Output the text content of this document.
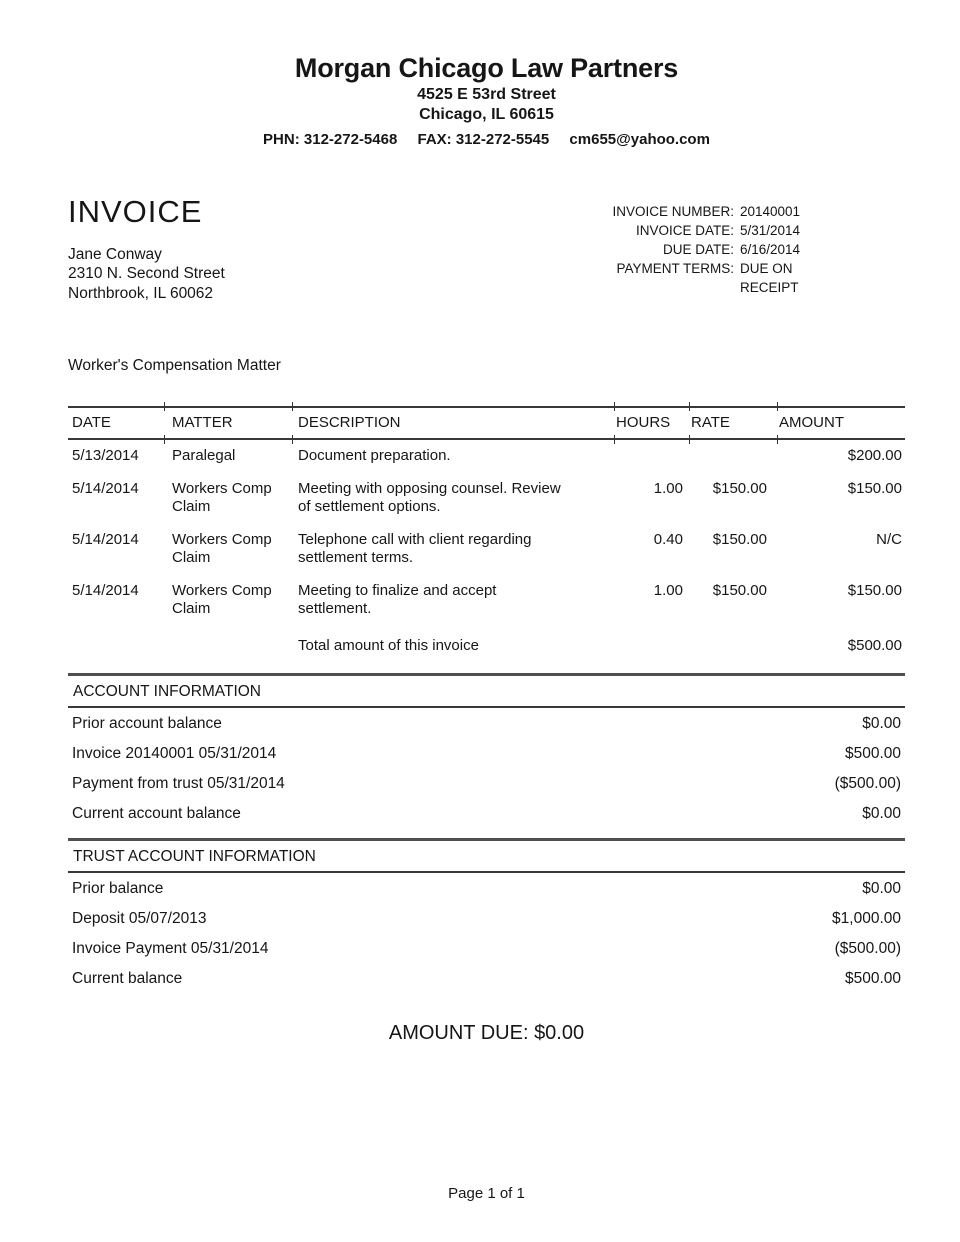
Morgan Chicago Law Partners
4525 E 53rd Street
Chicago, IL 60615
PHN: 312-272-5468 FAX: 312-272-5545 cm655@yahoo.com
INVOICE
Jane Conway
2310 N. Second Street
Northbrook, IL 60062
INVOICE NUMBER: 20140001
INVOICE DATE: 5/31/2014
DUE DATE: 6/16/2014
PAYMENT TERMS: DUE ON RECEIPT
Worker's Compensation Matter
DATE	MATTER	DESCRIPTION	HOURS	RATE	AMOUNT
5/13/2014	Paralegal	Document preparation.			$200.00
5/14/2014	Workers Comp Claim	Meeting with opposing counsel. Review of settlement options.	1.00	$150.00	$150.00
5/14/2014	Workers Comp Claim	Telephone call with client regarding settlement terms.	0.40	$150.00	N/C
5/14/2014	Workers Comp Claim	Meeting to finalize and accept settlement.	1.00	$150.00	$150.00
		Total amount of this invoice			$500.00
ACCOUNT INFORMATION
Prior account balance	$0.00
Invoice 20140001 05/31/2014	$500.00
Payment from trust 05/31/2014	($500.00)
Current account balance	$0.00
TRUST ACCOUNT INFORMATION
Prior balance	$0.00
Deposit 05/07/2013	$1,000.00
Invoice Payment 05/31/2014	($500.00)
Current balance	$500.00
AMOUNT DUE: $0.00
Page 1 of 1
